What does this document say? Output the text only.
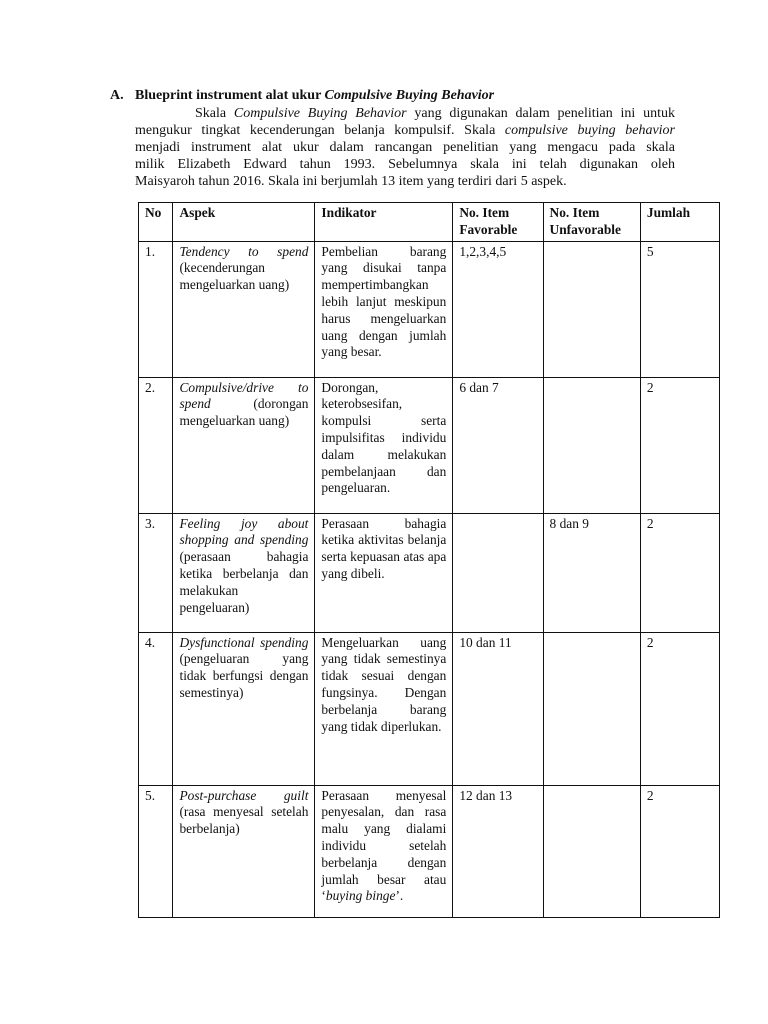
A. Blueprint instrument alat ukur Compulsive Buying Behavior
Skala Compulsive Buying Behavior yang digunakan dalam penelitian ini untuk
mengukur tingkat kecenderungan belanja kompulsif. Skala compulsive buying behavior
menjadi instrument alat ukur dalam rancangan penelitian yang mengacu pada skala
milik Elizabeth Edward tahun 1993. Sebelumnya skala ini telah digunakan oleh
Maisyaroh tahun 2016. Skala ini berjumlah 13 item yang terdiri dari 5 aspek.
No	Aspek	Indikator	No. Item Favorable	No. Item Unfavorable	Jumlah
1.	Tendency to spend (kecenderungan mengeluarkan uang)	Pembelian barang yang disukai tanpa mempertimbangkan lebih lanjut meskipun harus mengeluarkan uang dengan jumlah yang besar.	1,2,3,4,5		5
2.	Compulsive/drive to spend (dorongan mengeluarkan uang)	Dorongan, keterobsesifan, kompulsi serta impulsifitas individu dalam melakukan pembelanjaan dan pengeluaran.	6 dan 7		2
3.	Feeling joy about shopping and spending (perasaan bahagia ketika berbelanja dan melakukan pengeluaran)	Perasaan bahagia ketika aktivitas belanja serta kepuasan atas apa yang dibeli.		8 dan 9	2
4.	Dysfunctional spending (pengeluaran yang tidak berfungsi dengan semestinya)	Mengeluarkan uang yang tidak semestinya tidak sesuai dengan fungsinya. Dengan berbelanja barang yang tidak diperlukan.	10 dan 11		2
5.	Post-purchase guilt (rasa menyesal setelah berbelanja)	Perasaan menyesal penyesalan, dan rasa malu yang dialami individu setelah berbelanja dengan jumlah besar atau ‘buying binge’.	12 dan 13		2
